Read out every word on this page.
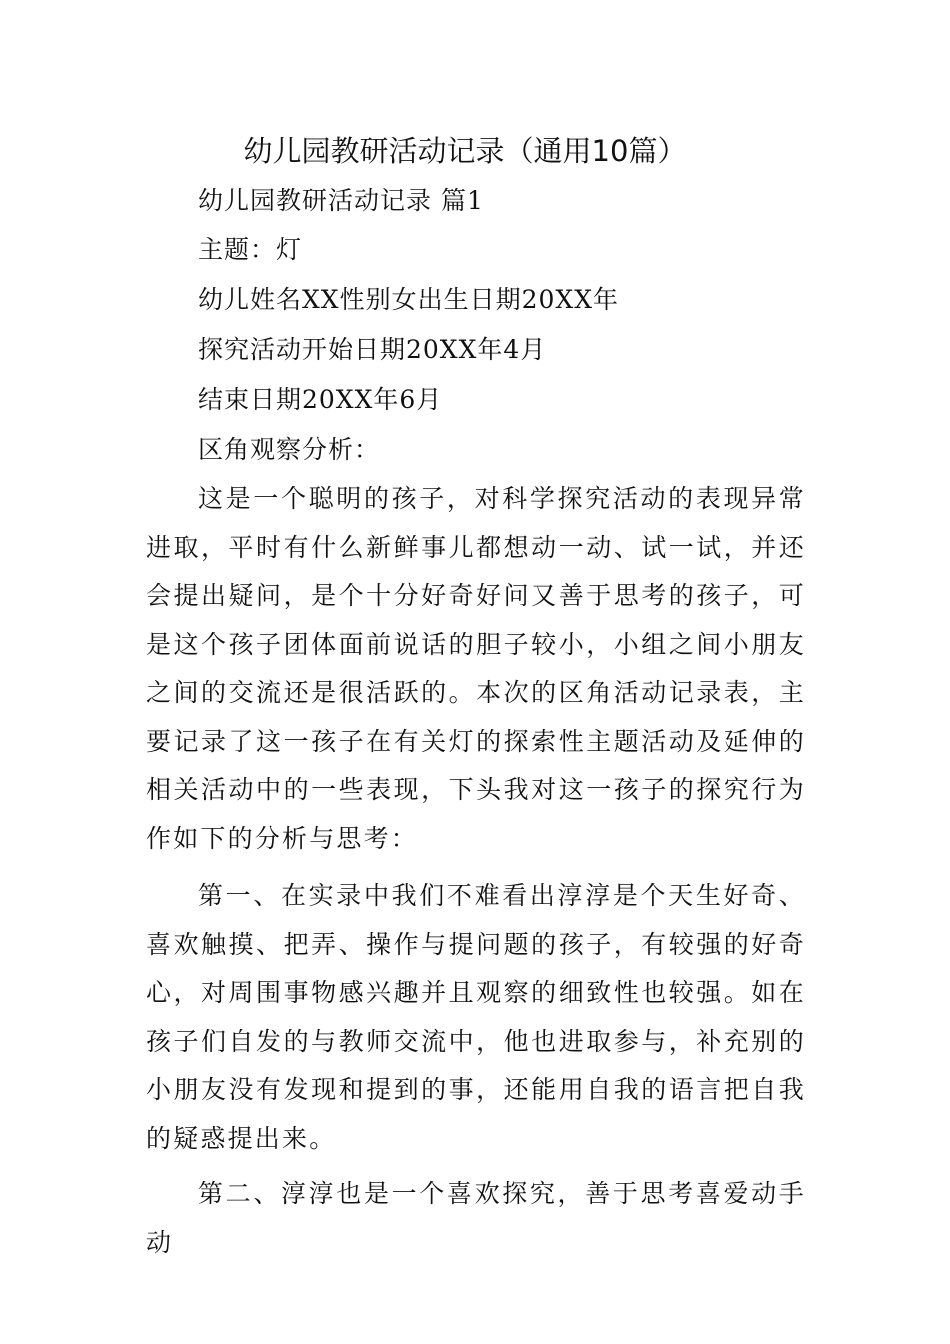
幼儿园教研活动记录（通用10篇）
幼儿园教研活动记录 篇1
主题：灯
幼儿姓名XX性别女出生日期20XX年
探究活动开始日期20XX年4月
结束日期20XX年6月
区角观察分析：
这是一个聪明的孩子，对科学探究活动的表现异常进取，平时有什么新鲜事儿都想动一动、试一试，并还会提出疑问，是个十分好奇好问又善于思考的孩子，可是这个孩子团体面前说话的胆子较小，小组之间小朋友之间的交流还是很活跃的。本次的区角活动记录表，主要记录了这一孩子在有关灯的探索性主题活动及延伸的相关活动中的一些表现，下头我对这一孩子的探究行为作如下的分析与思考：
第一、在实录中我们不难看出淳淳是个天生好奇、喜欢触摸、把弄、操作与提问题的孩子，有较强的好奇心，对周围事物感兴趣并且观察的细致性也较强。如在孩子们自发的与教师交流中，他也进取参与，补充别的小朋友没有发现和提到的事，还能用自我的语言把自我的疑惑提出来。
第二、淳淳也是一个喜欢探究，善于思考喜爱动手动
